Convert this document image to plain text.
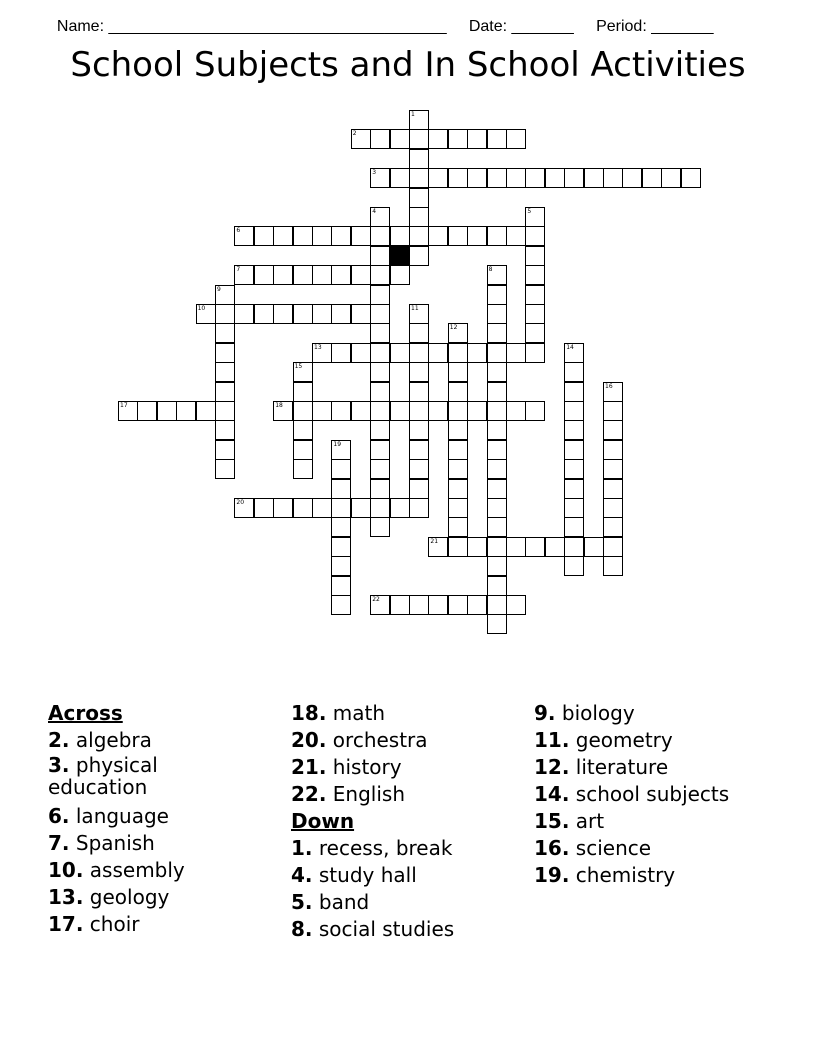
Name: ______________________________________ Date: _______ Period: _______

School Subjects and In School Activities
2
3
6
7
10
13
17	18
20
21
22
1
4	5
8
9
11
12
14
15
16
19
Across
2. algebra
3. physical education
6. language
7. Spanish
10. assembly
13. geology
17. choir
18. math
20. orchestra
21. history
22. English
Down
1. recess, break
4. study hall
5. band
8. social studies
9. biology
11. geometry
12. literature
14. school subjects
15. art
16. science
19. chemistry
